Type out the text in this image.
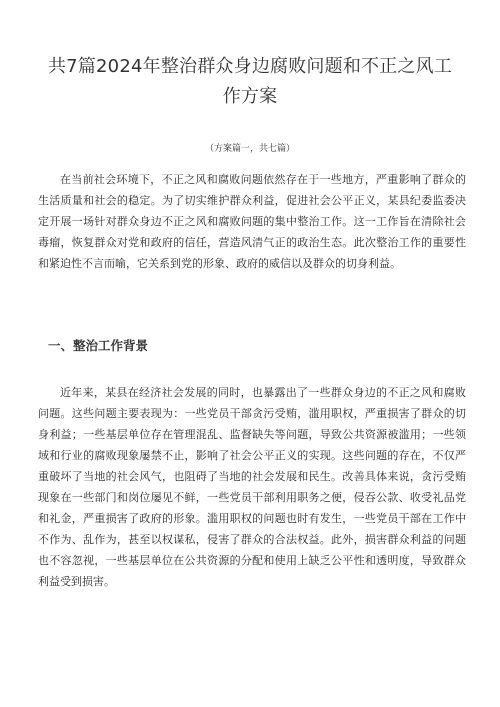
共7篇2024年整治群众身边腐败问题和不正之风工作方案
（方案篇一，共七篇）

在当前社会环境下，不正之风和腐败问题依然存在于一些地方，严重影响了群众的生活质量和社会的稳定。为了切实维护群众利益，促进社会公平正义，某县纪委监委决定开展一场针对群众身边不正之风和腐败问题的集中整治工作。这一工作旨在清除社会毒瘤，恢复群众对党和政府的信任，营造风清气正的政治生态。此次整治工作的重要性和紧迫性不言而喻，它关系到党的形象、政府的威信以及群众的切身利益。

一、整治工作背景

近年来，某县在经济社会发展的同时，也暴露出了一些群众身边的不正之风和腐败问题。这些问题主要表现为：一些党员干部贪污受贿，滥用职权，严重损害了群众的切身利益；一些基层单位存在管理混乱、监督缺失等问题，导致公共资源被滥用；一些领域和行业的腐败现象屡禁不止，影响了社会公平正义的实现。这些问题的存在，不仅严重破坏了当地的社会风气，也阻碍了当地的社会发展和民生。改善具体来说，贪污受贿现象在一些部门和岗位屡见不鲜，一些党员干部利用职务之便，侵吞公款、收受礼品党和礼金，严重损害了政府的形象。滥用职权的问题也时有发生，一些党员干部在工作中不作为、乱作为，甚至以权谋私，侵害了群众的合法权益。此外，损害群众利益的问题也不容忽视，一些基层单位在公共资源的分配和使用上缺乏公平性和透明度，导致群众利益受到损害。
